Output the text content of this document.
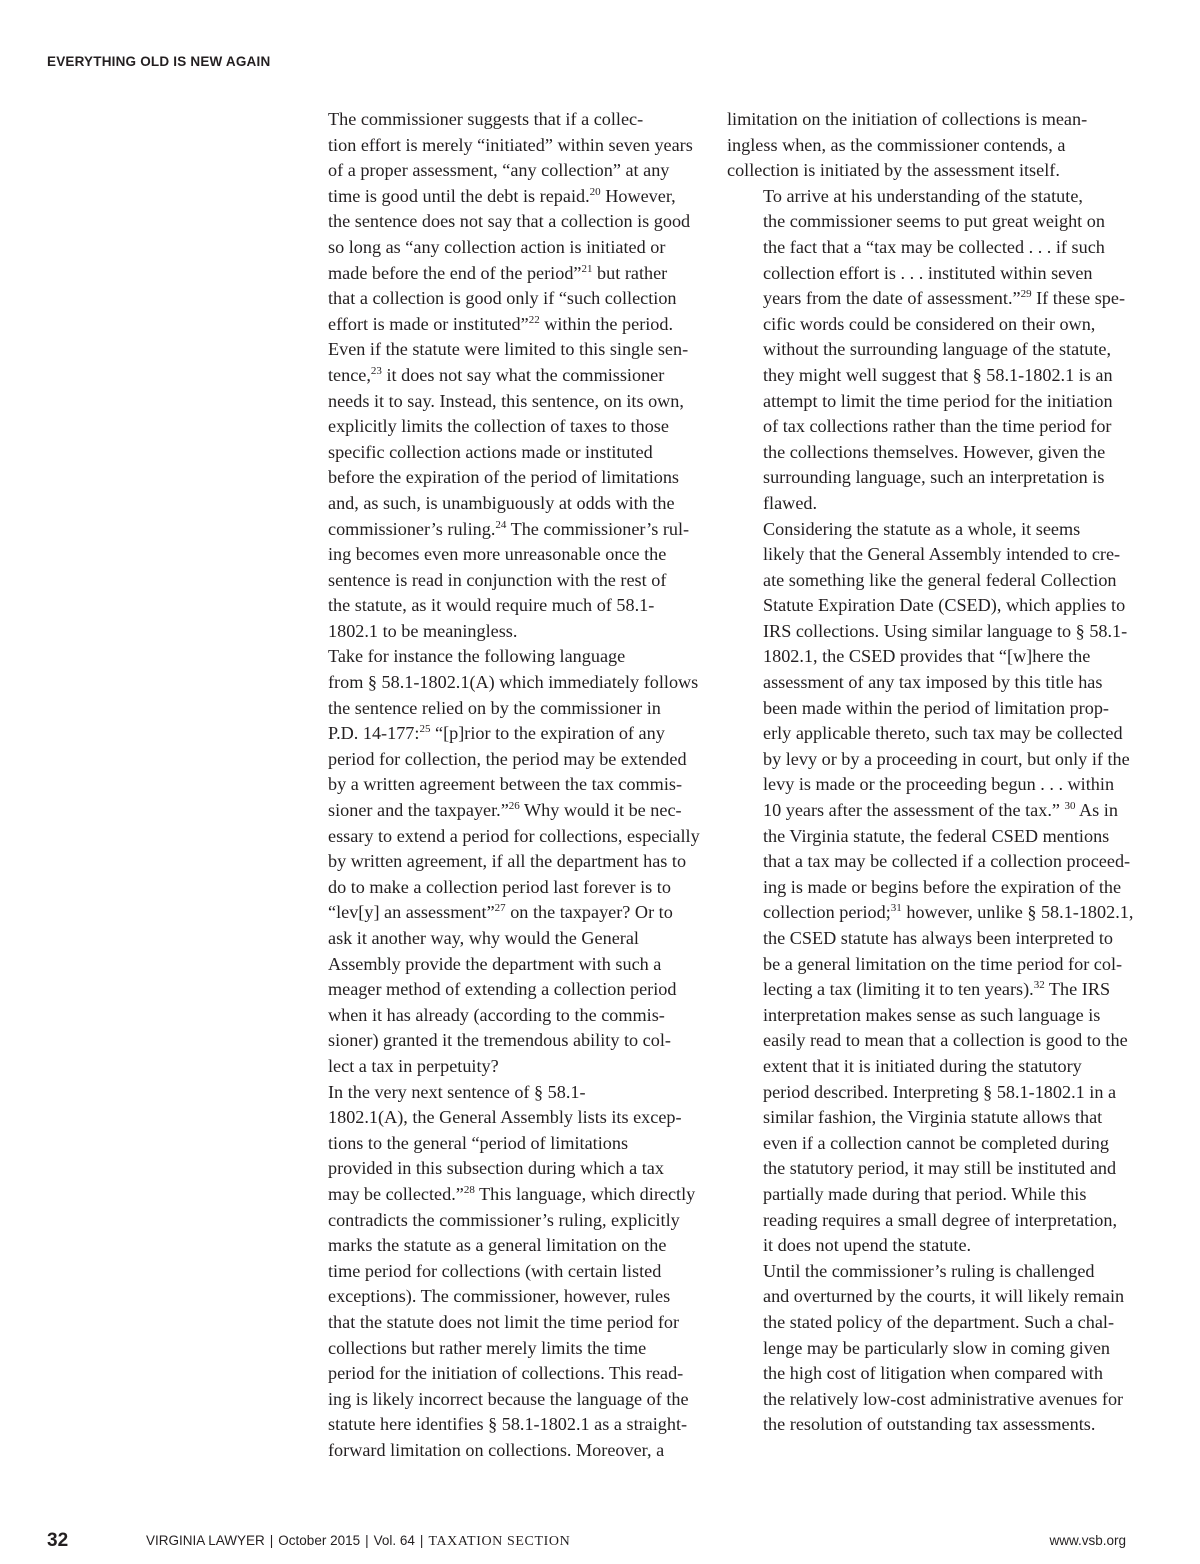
EVERYTHING OLD IS NEW AGAIN

The commissioner suggests that if a collec-
tion effort is merely “initiated” within seven years
of a proper assessment, “any collection” at any
time is good until the debt is repaid.$^{20}$ However,
the sentence does not say that a collection is good
so long as “any collection action is initiated or
made before the end of the period”$^{21}$ but rather
that a collection is good only if “such collection
effort is made or instituted”$^{22}$ within the period.
Even if the statute were limited to this single sen-
tence,$^{23}$ it does not say what the commissioner
needs it to say. Instead, this sentence, on its own,
explicitly limits the collection of taxes to those
specific collection actions made or instituted
before the expiration of the period of limitations
and, as such, is unambiguously at odds with the
commissioner’s ruling.$^{24}$ The commissioner’s rul-
ing becomes even more unreasonable once the
sentence is read in conjunction with the rest of
the statute, as it would require much of 58.1-
1802.1 to be meaningless.

Take for instance the following language
from § 58.1-1802.1(A) which immediately follows
the sentence relied on by the commissioner in
P.D. 14-177:$^{25}$ “[p]rior to the expiration of any
period for collection, the period may be extended
by a written agreement between the tax commis-
sioner and the taxpayer.”$^{26}$ Why would it be nec-
essary to extend a period for collections, especially
by written agreement, if all the department has to
do to make a collection period last forever is to
“lev[y] an assessment”$^{27}$ on the taxpayer? Or to
ask it another way, why would the General
Assembly provide the department with such a
meager method of extending a collection period
when it has already (according to the commis-
sioner) granted it the tremendous ability to col-
lect a tax in perpetuity?

In the very next sentence of § 58.1-
1802.1(A), the General Assembly lists its excep-
tions to the general “period of limitations
provided in this subsection during which a tax
may be collected.”$^{28}$ This language, which directly
contradicts the commissioner’s ruling, explicitly
marks the statute as a general limitation on the
time period for collections (with certain listed
exceptions). The commissioner, however, rules
that the statute does not limit the time period for
collections but rather merely limits the time
period for the initiation of collections. This read-
ing is likely incorrect because the language of the
statute here identifies § 58.1-1802.1 as a straight-
forward limitation on collections. Moreover, a

limitation on the initiation of collections is mean-
ingless when, as the commissioner contends, a
collection is initiated by the assessment itself.

To arrive at his understanding of the statute,
the commissioner seems to put great weight on
the fact that a “tax may be collected . . . if such
collection effort is . . . instituted within seven
years from the date of assessment.”$^{29}$ If these spe-
cific words could be considered on their own,
without the surrounding language of the statute,
they might well suggest that § 58.1-1802.1 is an
attempt to limit the time period for the initiation
of tax collections rather than the time period for
the collections themselves. However, given the
surrounding language, such an interpretation is
flawed.

Considering the statute as a whole, it seems
likely that the General Assembly intended to cre-
ate something like the general federal Collection
Statute Expiration Date (CSED), which applies to
IRS collections. Using similar language to § 58.1-
1802.1, the CSED provides that “[w]here the
assessment of any tax imposed by this title has
been made within the period of limitation prop-
erly applicable thereto, such tax may be collected
by levy or by a proceeding in court, but only if the
levy is made or the proceeding begun . . . within
10 years after the assessment of the tax.” $^{30}$ As in
the Virginia statute, the federal CSED mentions
that a tax may be collected if a collection proceed-
ing is made or begins before the expiration of the
collection period;$^{31}$ however, unlike § 58.1-1802.1,
the CSED statute has always been interpreted to
be a general limitation on the time period for col-
lecting a tax (limiting it to ten years).$^{32}$ The IRS
interpretation makes sense as such language is
easily read to mean that a collection is good to the
extent that it is initiated during the statutory
period described. Interpreting § 58.1-1802.1 in a
similar fashion, the Virginia statute allows that
even if a collection cannot be completed during
the statutory period, it may still be instituted and
partially made during that period. While this
reading requires a small degree of interpretation,
it does not upend the statute.

Until the commissioner’s ruling is challenged
and overturned by the courts, it will likely remain
the stated policy of the department. Such a chal-
lenge may be particularly slow in coming given
the high cost of litigation when compared with
the relatively low-cost administrative avenues for
the resolution of outstanding tax assessments.

32	VIRGINIA LAWYER | October 2015 | Vol. 64 | TAXATION SECTION	www.vsb.org
